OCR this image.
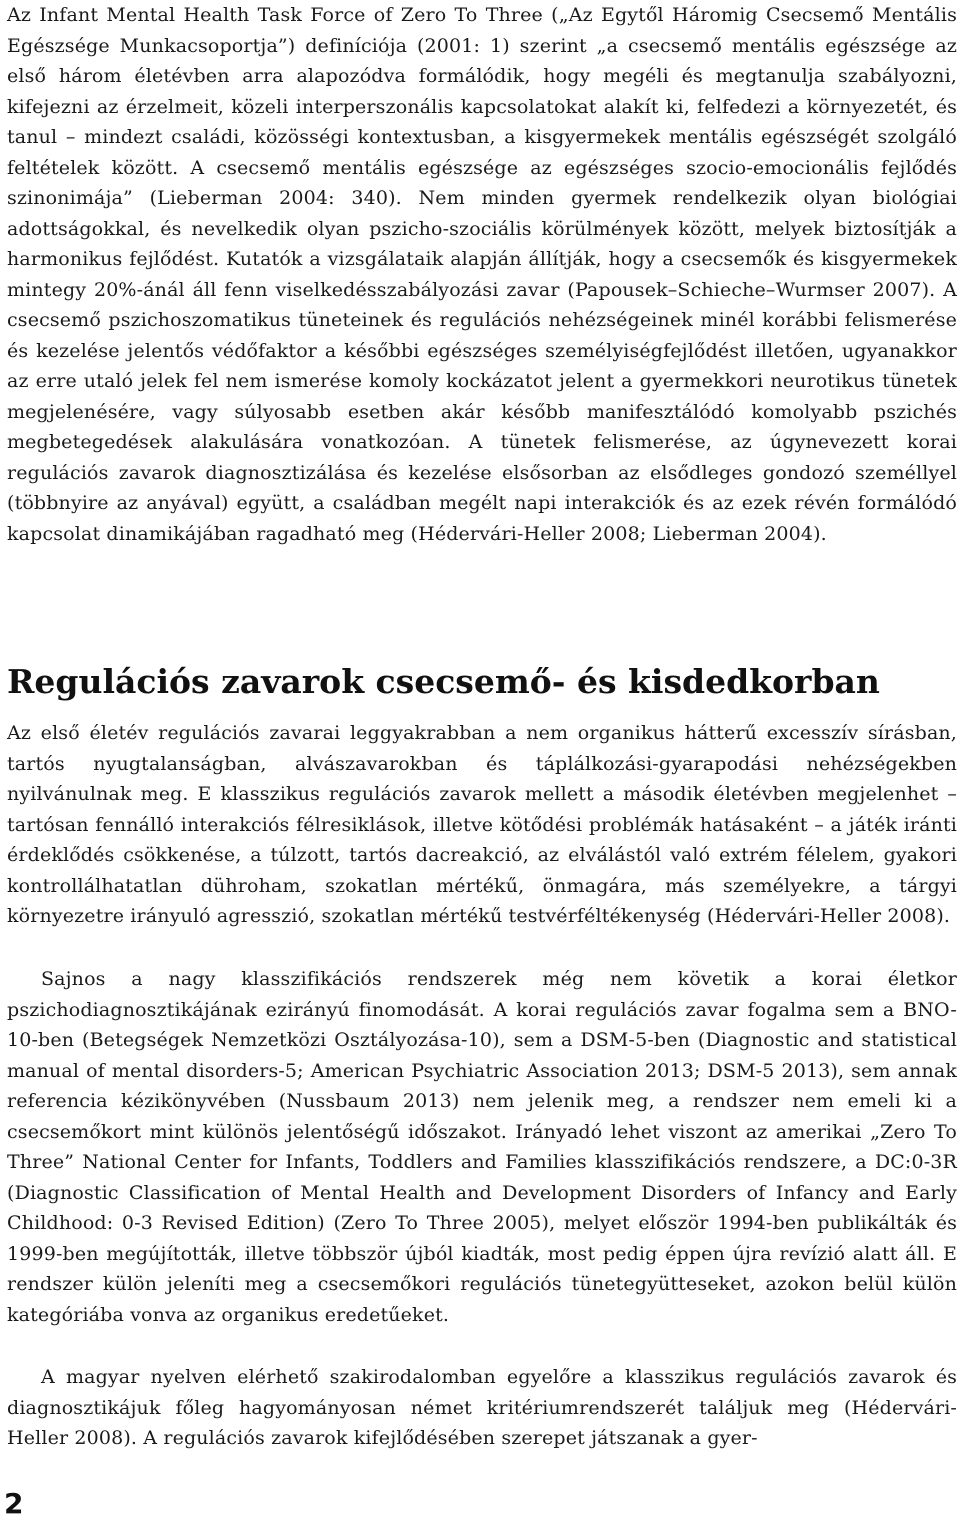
Az Infant Mental Health Task Force of Zero To Three („Az Egytől Háromig Csecsemő Mentális Egészsége Munkacsoportja”) definíciója (2001: 1) szerint „a csecsemő mentális egészsége az első három életévben arra alapozódva formálódik, hogy megéli és megtanulja szabályozni, kifejezni az érzelmeit, közeli interperszonális kapcsolatokat alakít ki, felfedezi a környezetét, és tanul – mindezt családi, közösségi kontextusban, a kisgyermekek mentális egészségét szolgáló feltételek között. A csecsemő mentális egészsége az egészséges szocio-emocionális fejlődés szinonimája” (Lieberman 2004: 340). Nem minden gyermek rendelkezik olyan biológiai adottságokkal, és nevelkedik olyan pszicho-szociális körülmények között, melyek biztosítják a harmonikus fejlődést. Kutatók a vizsgálataik alapján állítják, hogy a csecsemők és kisgyermekek mintegy 20%-ánál áll fenn viselkedésszabályozási zavar (Papousek–Schieche–Wurmser 2007). A csecsemő pszichoszomatikus tüneteinek és regulációs nehézségeinek minél korábbi felismerése és kezelése jelentős védőfaktor a későbbi egészséges személyiségfejlődést illetően, ugyanakkor az erre utaló jelek fel nem ismerése komoly kockázatot jelent a gyermekkori neurotikus tünetek megjelenésére, vagy súlyosabb esetben akár később manifesztálódó komolyabb pszichés megbetegedések alakulására vonatkozóan. A tünetek felismerése, az úgynevezett korai regulációs zavarok diagnosztizálása és kezelése elsősorban az elsődleges gondozó személlyel (többnyire az anyával) együtt, a családban megélt napi interakciók és az ezek révén formálódó kapcsolat dinamikájában ragadható meg (Hédervári-Heller 2008; Lieberman 2004).

Regulációs zavarok csecsemő- és kisdedkorban

Az első életév regulációs zavarai leggyakrabban a nem organikus hátterű excesszív sírásban, tartós nyugtalanságban, alvászavarokban és táplálkozási-gyarapodási nehézségekben nyilvánulnak meg. E klasszikus regulációs zavarok mellett a második életévben megjelenhet – tartósan fennálló interakciós félresiklások, illetve kötődési problémák hatásaként – a játék iránti érdeklődés csökkenése, a túlzott, tartós dacreakció, az elválástól való extrém félelem, gyakori kontrollálhatatlan dühroham, szokatlan mértékű, önmagára, más személyekre, a tárgyi környezetre irányuló agresszió, szokatlan mértékű testvérféltékenység (Hédervári-Heller 2008).

Sajnos a nagy klasszifikációs rendszerek még nem követik a korai életkor pszichodiagnosztikájának ezirányú finomodását. A korai regulációs zavar fogalma sem a BNO-10-ben (Betegségek Nemzetközi Osztályozása-10), sem a DSM-5-ben (Diagnostic and statistical manual of mental disorders-5; American Psychiatric Association 2013; DSM-5 2013), sem annak referencia kézikönyvében (Nussbaum 2013) nem jelenik meg, a rendszer nem emeli ki a csecsemőkort mint különös jelentőségű időszakot. Irányadó lehet viszont az amerikai „Zero To Three” National Center for Infants, Toddlers and Families klasszifikációs rendszere, a DC:0-3R (Diagnostic Classification of Mental Health and Development Disorders of Infancy and Early Childhood: 0-3 Revised Edition) (Zero To Three 2005), melyet először 1994-ben publikálták és 1999-ben megújították, illetve többször újból kiadták, most pedig éppen újra revízió alatt áll. E rendszer külön jeleníti meg a csecsemőkori regulációs tünetegyütteseket, azokon belül külön kategóriába vonva az organikus eredetűeket.

A magyar nyelven elérhető szakirodalomban egyelőre a klasszikus regulációs zavarok és diagnosztikájuk főleg hagyományosan német kritériumrendszerét találjuk meg (Hédervári-Heller 2008). A regulációs zavarok kifejlődésében szerepet játszanak a gyer-

2
